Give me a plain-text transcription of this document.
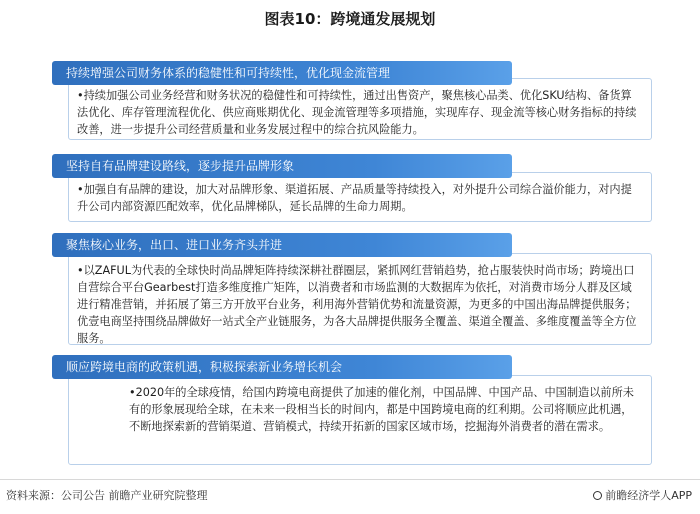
图表10：跨境通发展规划
持续增强公司财务体系的稳健性和可持续性，优化现金流管理
•持续加强公司业务经营和财务状况的稳健性和可持续性，通过出售资产，聚焦核心品类、优化SKU结构、备货算法优化、库存管理流程优化、供应商账期优化、现金流管理等多项措施，实现库存、现金流等核心财务指标的持续改善，进一步提升公司经营质量和业务发展过程中的综合抗风险能力。
坚持自有品牌建设路线，逐步提升品牌形象
•加强自有品牌的建设，加大对品牌形象、渠道拓展、产品质量等持续投入，对外提升公司综合溢价能力，对内提升公司内部资源匹配效率，优化品牌梯队，延长品牌的生命力周期。
聚焦核心业务，出口、进口业务齐头并进
•以ZAFUL为代表的全球快时尚品牌矩阵持续深耕社群圈层，紧抓网红营销趋势，抢占服装快时尚市场；跨境出口自营综合平台Gearbest打造多维度推广矩阵，以消费者和市场监测的大数据库为依托，对消费市场分人群及区域进行精准营销，并拓展了第三方开放平台业务，利用海外营销优势和流量资源，为更多的中国出海品牌提供服务；优壹电商坚持围绕品牌做好一站式全产业链服务，为各大品牌提供服务全覆盖、渠道全覆盖、多维度覆盖等全方位服务。
顺应跨境电商的政策机遇，积极探索新业务增长机会
•2020年的全球疫情，给国内跨境电商提供了加速的催化剂，中国品牌、中国产品、中国制造以前所未有的形象展现给全球，在未来一段相当长的时间内，都是中国跨境电商的红利期。公司将顺应此机遇，不断地探索新的营销渠道、营销模式，持续开拓新的国家区域市场，挖掘海外消费者的潜在需求。
资料来源：公司公告 前瞻产业研究院整理	前瞻经济学人APP
